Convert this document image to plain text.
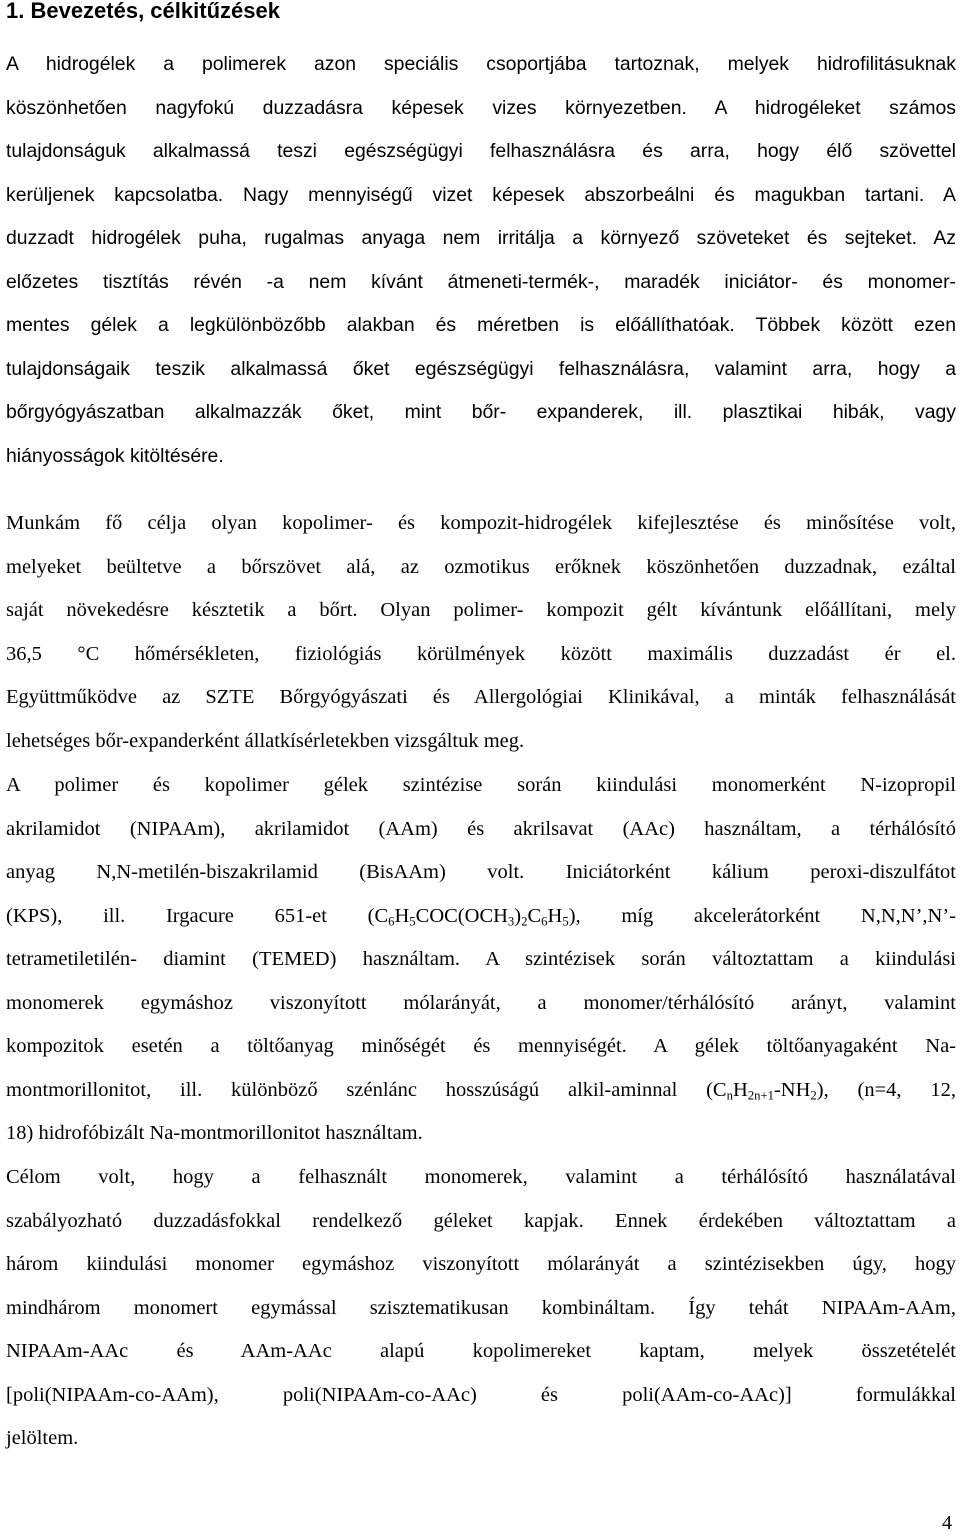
1. Bevezetés, célkitűzések
A hidrogélek a polimerek azon speciális csoportjába tartoznak, melyek hidrofilitásuknak
köszönhetően nagyfokú duzzadásra képesek vizes környezetben. A hidrogéleket számos
tulajdonságuk alkalmassá teszi egészségügyi felhasználásra és arra, hogy élő szövettel
kerüljenek kapcsolatba. Nagy mennyiségű vizet képesek abszorbeálni és magukban tartani. A
duzzadt hidrogélek puha, rugalmas anyaga nem irritálja a környező szöveteket és sejteket. Az
előzetes tisztítás révén -a nem kívánt átmeneti-termék-, maradék iniciátor- és monomer-
mentes gélek a legkülönbözőbb alakban és méretben is előállíthatóak. Többek között ezen
tulajdonságaik teszik alkalmassá őket egészségügyi felhasználásra, valamint arra, hogy a
bőrgyógyászatban alkalmazzák őket, mint bőr- expanderek, ill. plasztikai hibák, vagy
hiányosságok kitöltésére.
Munkám fő célja olyan kopolimer- és kompozit-hidrogélek kifejlesztése és minősítése volt,
melyeket beültetve a bőrszövet alá, az ozmotikus erőknek köszönhetően duzzadnak, ezáltal
saját növekedésre késztetik a bőrt. Olyan polimer- kompozit gélt kívántunk előállítani, mely
36,5 °C hőmérsékleten, fiziológiás körülmények között maximális duzzadást ér el.
Együttműködve az SZTE Bőrgyógyászati és Allergológiai Klinikával, a minták felhasználását
lehetséges bőr-expanderként állatkísérletekben vizsgáltuk meg.
A polimer és kopolimer gélek szintézise során kiindulási monomerként N-izopropil
akrilamidot (NIPAAm), akrilamidot (AAm) és akrilsavat (AAc) használtam, a térhálósító
anyag N,N-metilén-biszakrilamid (BisAAm) volt. Iniciátorként kálium peroxi-diszulfátot
(KPS), ill. Irgacure 651-et $(C_6H_5COC(OCH_3)_2C_6H_5)$, míg akcelerátorként N,N,N’,N’-
tetrametiletilén- diamint (TEMED) használtam. A szintézisek során változtattam a kiindulási
monomerek egymáshoz viszonyított mólarányát, a monomer/térhálósító arányt, valamint
kompozitok esetén a töltőanyag minőségét és mennyiségét. A gélek töltőanyagaként Na-
montmorillonitot, ill. különböző szénlánc hosszúságú alkil-aminnal $(C_nH_{2n+1}-NH_2)$, (n=4, 12,
18) hidrofóbizált Na-montmorillonitot használtam.
Célom volt, hogy a felhasznált monomerek, valamint a térhálósító használatával
szabályozható duzzadásfokkal rendelkező géleket kapjak. Ennek érdekében változtattam a
három kiindulási monomer egymáshoz viszonyított mólarányát a szintézisekben úgy, hogy
mindhárom monomert egymással szisztematikusan kombináltam. Így tehát NIPAAm-AAm,
NIPAAm-AAc és AAm-AAc alapú kopolimereket kaptam, melyek összetételét
[poli(NIPAAm-co-AAm), poli(NIPAAm-co-AAc) és poli(AAm-co-AAc)] formulákkal
jelöltem.
4
